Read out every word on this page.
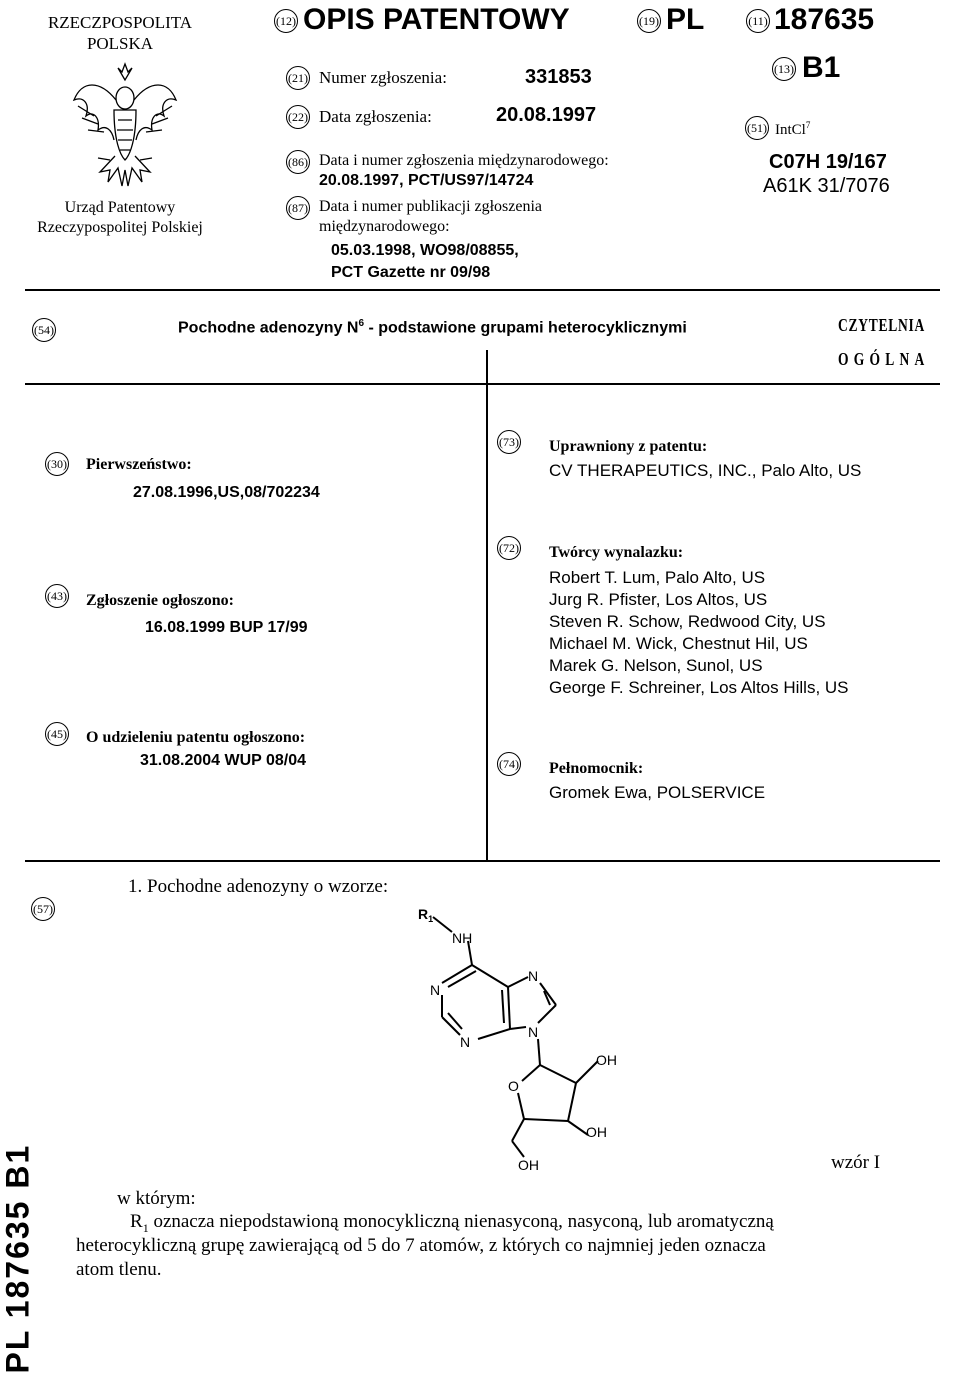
RZECZPOSPOLITA
POLSKA
Urząd Patentowy
Rzeczypospolitej Polskiej
(12) OPIS PATENTOWY	(19) PL	(11) 187635
(13) B1
(21) Numer zgłoszenia:	331853
(22) Data zgłoszenia:	20.08.1997
(86) Data i numer zgłoszenia międzynarodowego:
20.08.1997, PCT/US97/14724
(87) Data i numer publikacji zgłoszenia
międzynarodowego:
05.03.1998, WO98/08855,
PCT Gazette nr 09/98
(51) IntCl$^7$
C07H 19/167
A61K 31/7076
(54)	Pochodne adenozyny $N^6$ - podstawione grupami heterocyklicznymi	CZYTELNIA
OGÓLNA
(30) Pierwszeństwo:
27.08.1996,US,08/702234
(43) Zgłoszenie ogłoszono:
16.08.1999 BUP 17/99
(45) O udzieleniu patentu ogłoszono:
31.08.2004 WUP 08/04
(73) Uprawniony z patentu:
CV THERAPEUTICS, INC., Palo Alto, US
(72) Twórcy wynalazku:
Robert T. Lum, Palo Alto, US
Jurg R. Pfister, Los Altos, US
Steven R. Schow, Redwood City, US
Michael M. Wick, Chestnut Hil, US
Marek G. Nelson, Sunol, US
George F. Schreiner, Los Altos Hills, US
(74) Pełnomocnik:
Gromek Ewa, POLSERVICE
(57)
1. Pochodne adenozyny o wzorze:
$R_1$
NH
N
N
N
N
O
OH
OH
OH	wzór I
w którym:
$R_1$ oznacza niepodstawioną monocykliczną nienasyconą, nasyconą, lub aromatyczną
heterocykliczną grupę zawierającą od 5 do 7 atomów, z których co najmniej jeden oznacza
atom tlenu.
PL 187635 B1
